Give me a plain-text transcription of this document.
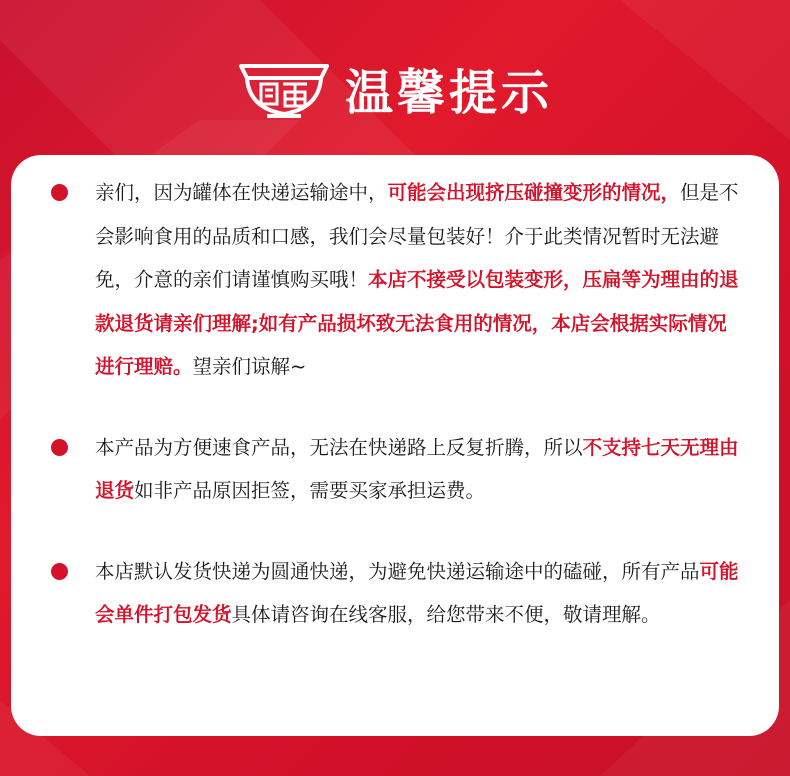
温馨提示
亲们，因为罐体在快递运输途中，可能会出现挤压碰撞变形的情况，但是不会影响食用的品质和口感，我们会尽量包装好！介于此类情况暂时无法避免，介意的亲们请谨慎购买哦！本店不接受以包装变形，压扁等为理由的退款退货请亲们理解;如有产品损坏致无法食用的情况，本店会根据实际情况进行理赔。望亲们谅解~
本产品为方便速食产品，无法在快递路上反复折腾，所以不支持七天无理由退货如非产品原因拒签，需要买家承担运费。
本店默认发货快递为圆通快递，为避免快递运输途中的磕碰，所有产品可能会单件打包发货具体请咨询在线客服，给您带来不便，敬请理解。
